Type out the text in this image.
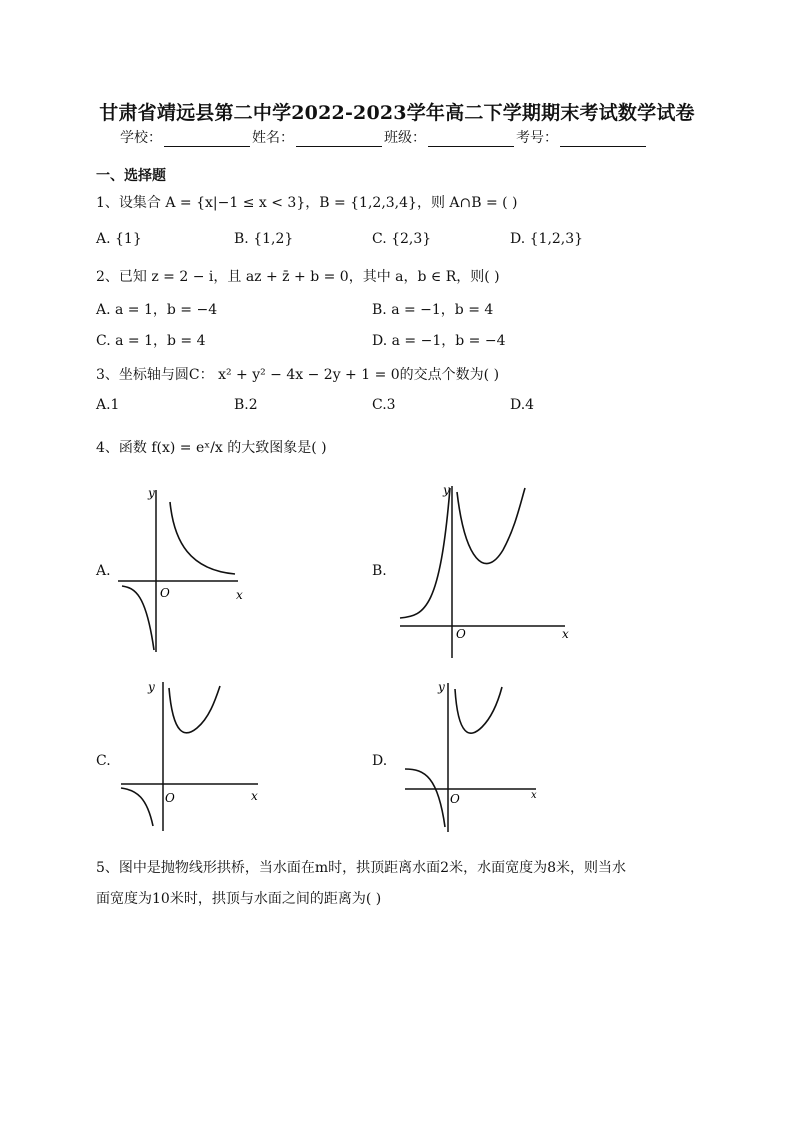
甘肃省靖远县第二中学2022-2023学年高二下学期期末考试数学试卷
学校：	姓名：	班级：	考号：
一、选择题
1、设集合 A = {x|−1 ≤ x < 3}，B = {1,2,3,4}，则 A∩B = ( )
A. {1}	B. {1,2}	C. {2,3}	D. {1,2,3}
2、已知 z = 2 − i，且 az + z̄ + b = 0，其中 a，b ∈ R，则( )
A. a = 1，b = −4	B. a = −1，b = 4
C. a = 1，b = 4	D. a = −1，b = −4
3、坐标轴与圆C： x² + y² − 4x − 2y + 1 = 0的交点个数为( )
A.1	B.2	C.3	D.4
4、函数 f(x) = eˣ/x 的大致图象是( )
A.
y
x
O
B.
y
x
O
C.
y
x
O
D.
y
x
O
5、图中是抛物线形拱桥，当水面在m时，拱顶距离水面2米，水面宽度为8米，则当水
面宽度为10米时，拱顶与水面之间的距离为( )
